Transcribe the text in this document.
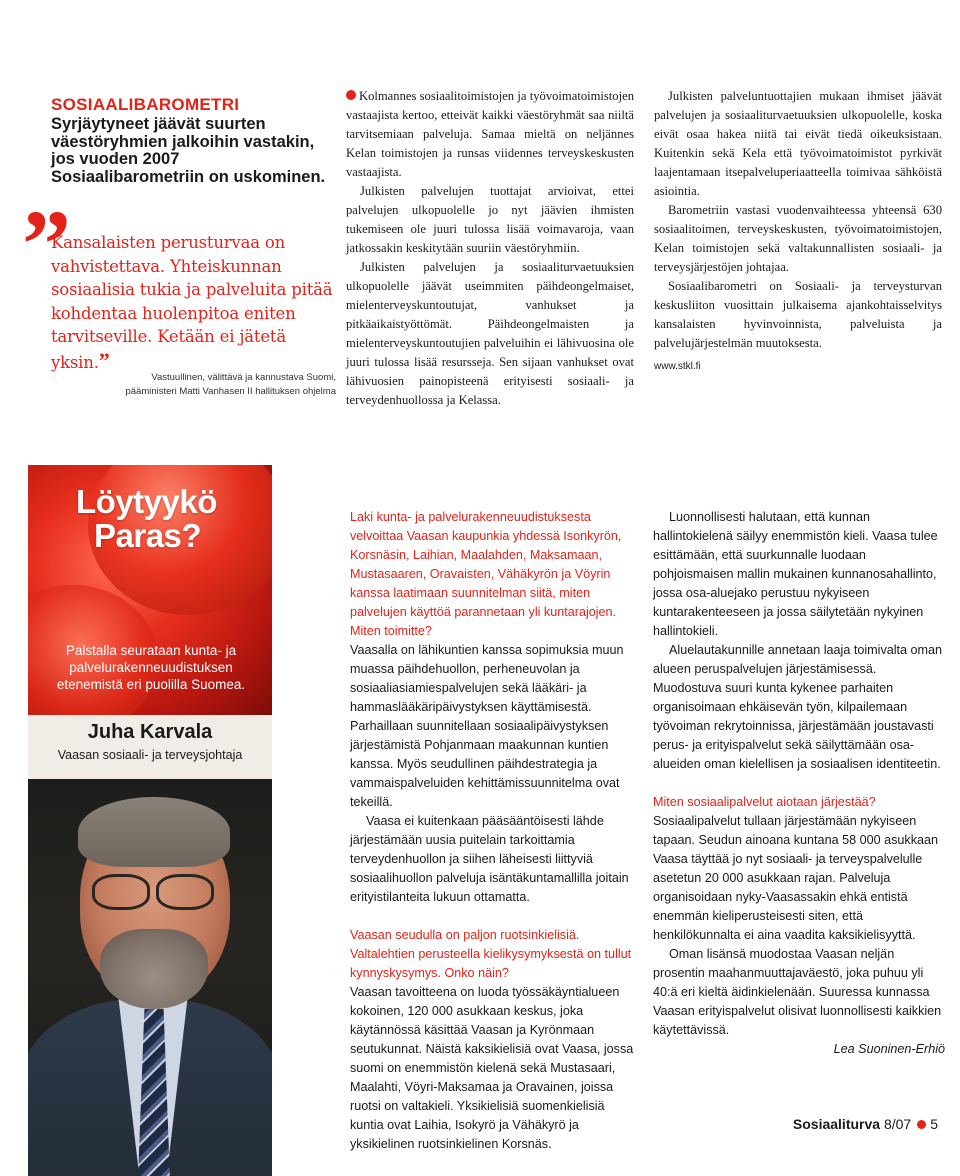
SOSIAALIBAROMETRI
Syrjäytyneet jäävät suurten väestöryhmien jalkoihin vastakin, jos vuoden 2007 Sosiaalibarometriin on uskominen.
”
Kansalaisten perusturvaa on vahvistettava. Yhteiskunnan sosiaalisia tukia ja palveluita pitää kohdentaa huolenpitoa eniten tarvitseville. Ketään ei jätetä yksin.”
Vastuullinen, välittävä ja kannustava Suomi, pääministeri Matti Vanhasen II hallituksen ohjelma

Kolmannes sosiaalitoimistojen ja työvoimatoimistojen vastaajista kertoo, etteivät kaikki väestöryhmät saa niiltä tarvitsemiaan palveluja. Samaa mieltä on neljännes Kelan toimistojen ja runsas viidennes terveyskeskusten vastaajista.

Julkisten palvelujen tuottajat arvioivat, ettei palvelujen ulkopuolelle jo nyt jäävien ihmisten tukemiseen ole juuri tulossa lisää voimavaroja, vaan jatkossakin keskitytään suuriin väestöryhmiin.

Julkisten palvelujen ja sosiaaliturvaetuuksien ulkopuolelle jäävät useimmiten päihdeongelmaiset, mielenterveyskuntoutujat, vanhukset ja pitkäaikaistyöttömät. Päihdeongelmaisten ja mielenterveyskuntoutujien palveluihin ei lähivuosina ole juuri tulossa lisää resursseja. Sen sijaan vanhukset ovat lähivuosien painopisteenä erityisesti sosiaali- ja terveydenhuollossa ja Kelassa.

Julkisten palveluntuottajien mukaan ihmiset jäävät palvelujen ja sosiaaliturvaetuuksien ulkopuolelle, koska eivät osaa hakea niitä tai eivät tiedä oikeuksistaan. Kuitenkin sekä Kela että työvoimatoimistot pyrkivät laajentamaan itsepalveluperiaatteella toimivaa sähköistä asiointia.

Barometriin vastasi vuodenvaihteessa yhteensä 630 sosiaalitoimen, terveyskeskusten, työvoimatoimistojen, Kelan toimistojen sekä valtakunnallisten sosiaali- ja terveysjärjestöjen johtajaa.

Sosiaalibarometri on Sosiaali- ja terveysturvan keskusliiton vuosittain julkaisema ajankohtaisselvitys kansalaisten hyvinvoinnista, palveluista ja palvelujärjestelmän muutoksesta.

www.stkl.fi

Löytyykö
Paras?
Palstalla seurataan kunta- ja palvelurakenneuudistuksen etenemistä eri puolilla Suomea.
Juha Karvala
Vaasan sosiaali- ja terveysjohtaja

Laki kunta- ja palvelurakenneuudistuksesta velvoittaa Vaasan kaupunkia yhdessä Isonkyrön, Korsnäsin, Laihian, Maalahden, Maksamaan, Mustasaaren, Oravaisten, Vähäkyrön ja Vöyrin kanssa laatimaan suunnitelman siitä, miten palvelujen käyttöä parannetaan yli kuntarajojen. Miten toimitte?

Vaasalla on lähikuntien kanssa sopimuksia muun muassa päihdehuollon, perheneuvolan ja sosiaaliasiamiespalvelujen sekä lääkäri- ja hammaslääkäripäivystyksen käyttämisestä. Parhaillaan suunnitellaan sosiaalipäivystyksen järjestämistä Pohjanmaan maakunnan kuntien kanssa. Myös seudullinen päihdestrategia ja vammaispalveluiden kehittämissuunnitelma ovat tekeillä.

Vaasa ei kuitenkaan pääsääntöisesti lähde järjestämään uusia puitelain tarkoittamia terveydenhuollon ja siihen läheisesti liittyviä sosiaalihuollon palveluja isäntäkuntamallilla joitain erityistilanteita lukuun ottamatta.

Vaasan seudulla on paljon ruotsinkielisiä. Valtalehtien perusteella kielikysymyksestä on tullut kynnyskysymys. Onko näin?

Vaasan tavoitteena on luoda työssäkäyntialueen kokoinen, 120 000 asukkaan keskus, joka käytännössä käsittää Vaasan ja Kyrönmaan seutukunnat. Näistä kaksikielisiä ovat Vaasa, jossa suomi on enemmistön kielenä sekä Mustasaari, Maalahti, Vöyri-Maksamaa ja Oravainen, joissa ruotsi on valtakieli. Yksikielisiä suomenkielisiä kuntia ovat Laihia, Isokyrö ja Vähäkyrö ja yksikielinen ruotsinkielinen Korsnäs.

Luonnollisesti halutaan, että kunnan hallintokielenä säilyy enemmistön kieli. Vaasa tulee esittämään, että suurkunnalle luodaan pohjoismaisen mallin mukainen kunnanosahallinto, jossa osa-aluejako perustuu nykyiseen kuntarakenteeseen ja jossa säilytetään nykyinen hallintokieli.

Aluelautakunnille annetaan laaja toimivalta oman alueen peruspalvelujen järjestämisessä. Muodostuva suuri kunta kykenee parhaiten organisoimaan ehkäisevän työn, kilpailemaan työvoiman rekrytoinnissa, järjestämään joustavasti perus- ja erityispalvelut sekä säilyttämään osa-alueiden oman kielellisen ja sosiaalisen identiteetin.

Miten sosiaalipalvelut aiotaan järjestää?

Sosiaalipalvelut tullaan järjestämään nykyiseen tapaan. Seudun ainoana kuntana 58 000 asukkaan Vaasa täyttää jo nyt sosiaali- ja terveyspalvelulle asetetun 20 000 asukkaan rajan. Palveluja organisoidaan nyky-Vaasassakin ehkä entistä enemmän kieliperusteisesti siten, että henkilökunnalta ei aina vaadita kaksikielisyyttä.

Oman lisänsä muodostaa Vaasan neljän prosentin maahanmuuttajaväestö, joka puhuu yli 40:ä eri kieltä äidinkielenään. Suuressa kunnassa Vaasan erityispalvelut olisivat luonnollisesti kaikkien käytettävissä.

Lea Suoninen-Erhiö

Sosiaaliturva 8/07 5
